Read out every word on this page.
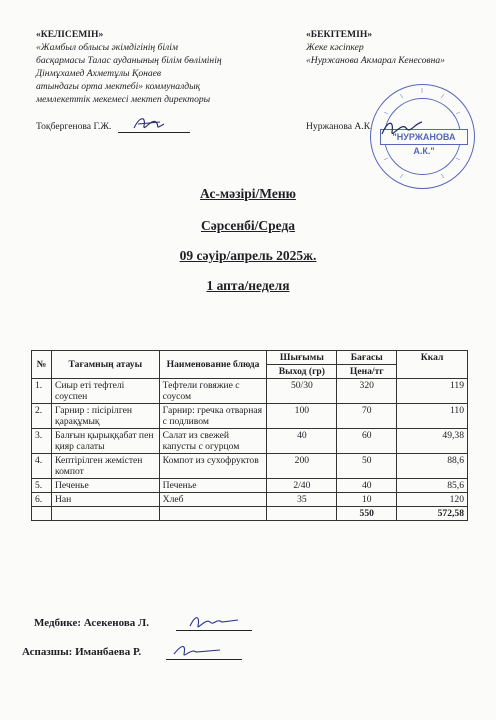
«КЕЛІСЕМІН»
«Жамбыл облысы әкімдігінің білім
басқармасы Талас ауданының білім бөлімінің
Дінмұхамед Ахметұлы Қонаев
атындағы орта мектебі» коммуналдық
мемлекеттік мекемесі мектеп директоры
Тоқбергенова Г.Ж.
«БЕКІТЕМІН»
Жеке кәсіпкер
«Нуржанова Акмарал Кенесовна»
Нуржанова А.К.
"НУРЖАНОВА А.К."
Ас-мәзірі/Меню
Сәрсенбі/Среда
09 сәуір/апрель 2025ж.
1 апта/неделя
№	Тағамның атауы	Наименование блюда	Шығымы	Бағасы	Ккал
			Выход (гр)	Цена/тг	
1.	Сиыр еті тефтелі соуспен	Тефтели говяжие с соусом	50/30	320	119
2.	Гарнир : пісірілген қарақұмық	Гарнир: гречка отварная с подливом	100	70	110
3.	Балғын қырыққабат пен қияр салаты	Салат из свежей капусты с огурцом	40	60	49,38
4.	Кептірілген жемістен компот	Компот из сухофруктов	200	50	88,6
5.	Печенье	Печенье	2/40	40	85,6
6.	Нан	Хлеб	35	10	120
				550	572,58
Медбике: Асекенова Л.
Аспазшы: Иманбаева Р.
